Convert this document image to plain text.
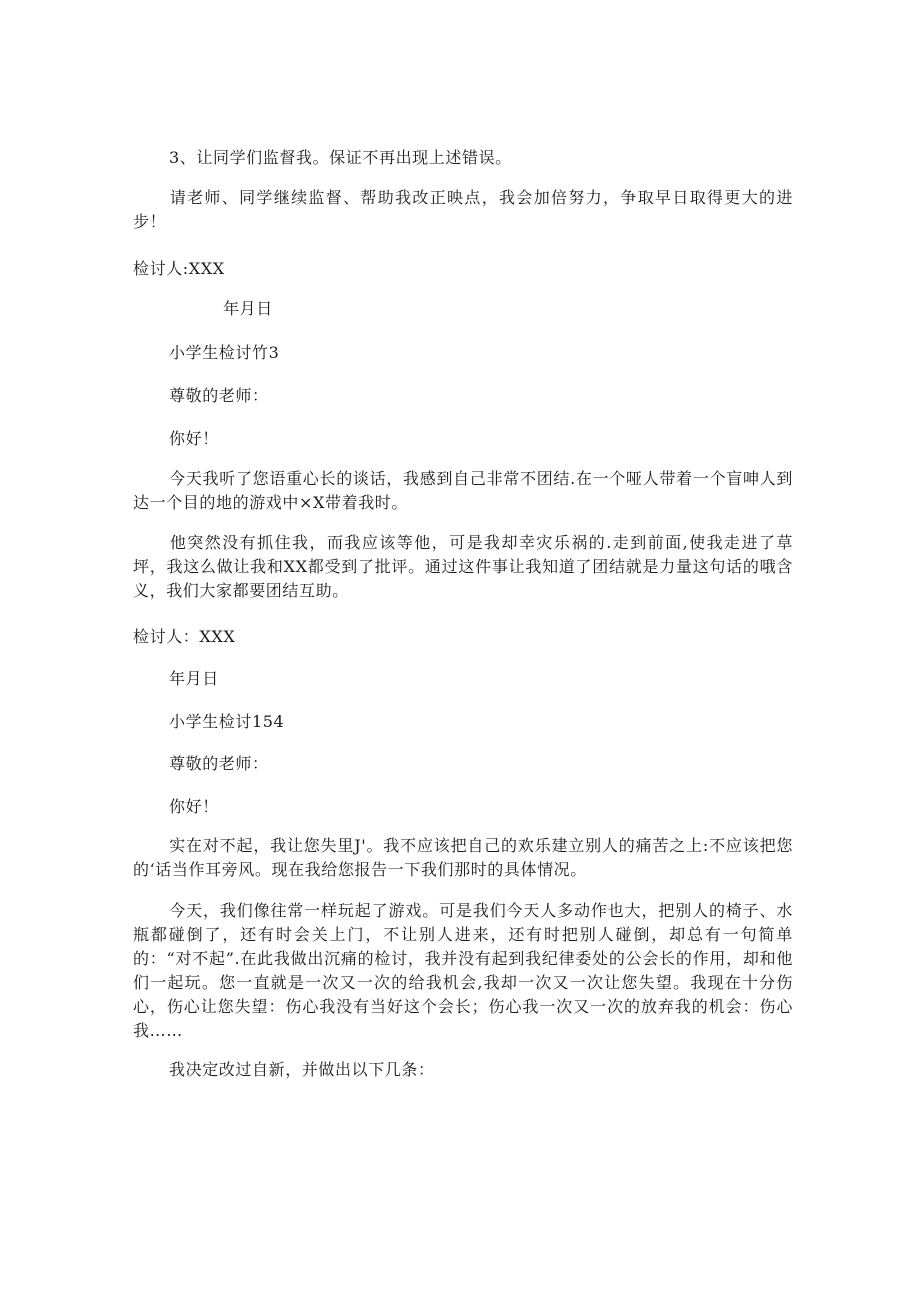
3、让同学们监督我。保证不再出现上述错误。
请老师、同学继续监督、帮助我改正映点，我会加倍努力，争取早日取得更大的进步！
检讨人:XXX
年月日
小学生检讨竹3
尊敬的老师：
你好！
今天我听了您语重心长的谈话，我感到自己非常不团结.在一个哑人带着一个盲呻人到达一个目的地的游戏中×X带着我时。
他突然没有抓住我，而我应该等他，可是我却幸灾乐祸的.走到前面,使我走进了草坪，我这么做让我和XX都受到了批评。通过这件事让我知道了团结就是力量这句话的哦含义，我们大家都要团结互助。
检讨人：XXX
年月日
小学生检讨154
尊敬的老师：
你好！
实在对不起，我让您失里J'。我不应该把自己的欢乐建立别人的痛苦之上:不应该把您的‘话当作耳旁风。现在我给您报告一下我们那时的具体情况。
今天，我们像往常一样玩起了游戏。可是我们今天人多动作也大，把别人的椅子、水瓶都碰倒了，还有时会关上门，不让别人进来，还有时把别人碰倒，却总有一句简单的：“对不起”.在此我做出沉痛的检讨，我并没有起到我纪律委处的公会长的作用，却和他们一起玩。您一直就是一次又一次的给我机会,我却一次又一次让您失望。我现在十分伤心，伤心让您失望：伤心我没有当好这个会长；伤心我一次又一次的放弃我的机会：伤心我……
我决定改过自新，并做出以下几条：
